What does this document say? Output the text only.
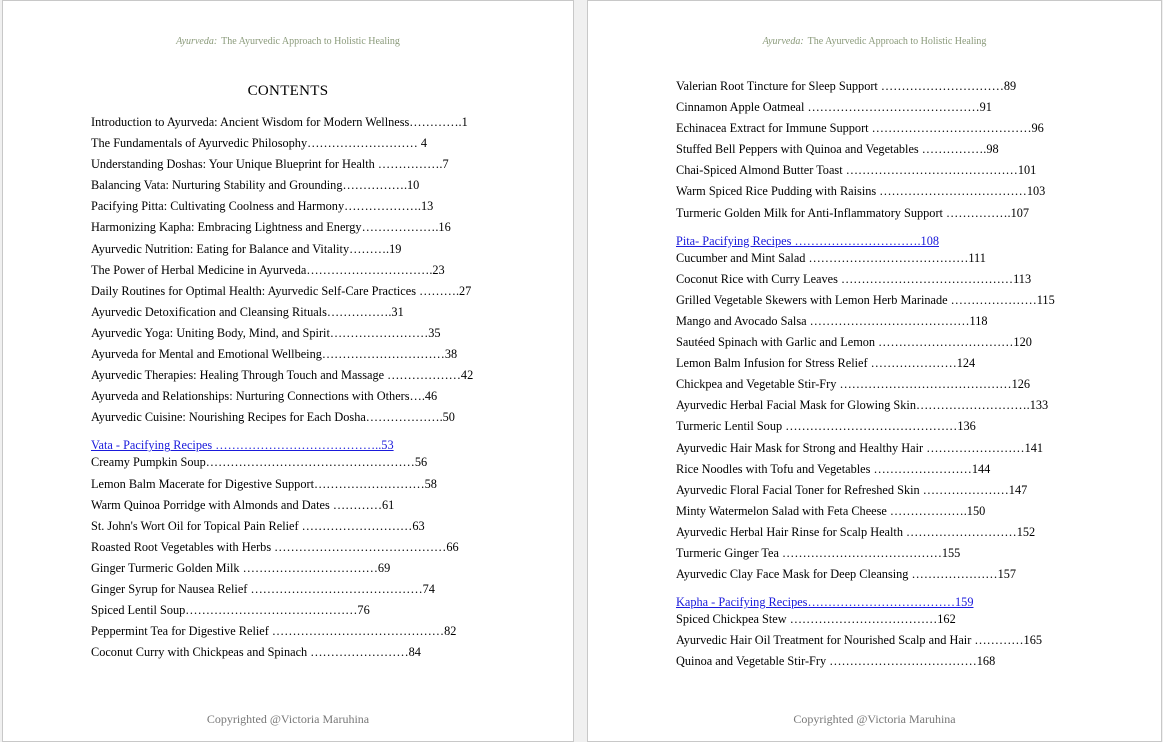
Ayurveda: The Ayurvedic Approach to Holistic Healing
CONTENTS
Introduction to Ayurveda: Ancient Wisdom for Modern Wellness………….1
The Fundamentals of Ayurvedic Philosophy……………………… 4
Understanding Doshas: Your Unique Blueprint for Health …………….7
Balancing Vata: Nurturing Stability and Grounding…………….10
Pacifying Pitta: Cultivating Coolness and Harmony……………….13
Harmonizing Kapha: Embracing Lightness and Energy……………….16
Ayurvedic Nutrition: Eating for Balance and Vitality……….19
The Power of Herbal Medicine in Ayurveda………………………….23
Daily Routines for Optimal Health: Ayurvedic Self-Care Practices ……….27
Ayurvedic Detoxification and Cleansing Rituals…………….31
Ayurvedic Yoga: Uniting Body, Mind, and Spirit……………………35
Ayurveda for Mental and Emotional Wellbeing…………………………38
Ayurvedic Therapies: Healing Through Touch and Massage ………………42
Ayurveda and Relationships: Nurturing Connections with Others….46
Ayurvedic Cuisine: Nourishing Recipes for Each Dosha……………….50
Vata - Pacifying Recipes …………………………………..53
Creamy Pumpkin Soup……………………………………………56
Lemon Balm Macerate for Digestive Support………………………58
Warm Quinoa Porridge with Almonds and Dates …………61
St. John's Wort Oil for Topical Pain Relief ………………………63
Roasted Root Vegetables with Herbs ……………………………………66
Ginger Turmeric Golden Milk ……………………………69
Ginger Syrup for Nausea Relief ……………………………………74
Spiced Lentil Soup……………………………………76
Peppermint Tea for Digestive Relief ……………………………………82
Coconut Curry with Chickpeas and Spinach ……………………84
Copyrighted @Victoria Maruhina
Ayurveda: The Ayurvedic Approach to Holistic Healing
Valerian Root Tincture for Sleep Support …………………………89
Cinnamon Apple Oatmeal ……………………………………91
Echinacea Extract for Immune Support …………………………………96
Stuffed Bell Peppers with Quinoa and Vegetables …………….98
Chai-Spiced Almond Butter Toast ……………………………………101
Warm Spiced Rice Pudding with Raisins ………………………………103
Turmeric Golden Milk for Anti-Inflammatory Support …………….107
Pita- Pacifying Recipes ………………………….108
Cucumber and Mint Salad …………………………………111
Coconut Rice with Curry Leaves ……………………………………113
Grilled Vegetable Skewers with Lemon Herb Marinade …………………115
Mango and Avocado Salsa …………………………………118
Sautéed Spinach with Garlic and Lemon ……………………………120
Lemon Balm Infusion for Stress Relief …………………124
Chickpea and Vegetable Stir-Fry ……………………………………126
Ayurvedic Herbal Facial Mask for Glowing Skin……………………….133
Turmeric Lentil Soup ……………………………………136
Ayurvedic Hair Mask for Strong and Healthy Hair ……………………141
Rice Noodles with Tofu and Vegetables ……………………144
Ayurvedic Floral Facial Toner for Refreshed Skin …………………147
Minty Watermelon Salad with Feta Cheese ……………….150
Ayurvedic Herbal Hair Rinse for Scalp Health ………………………152
Turmeric Ginger Tea …………………………………155
Ayurvedic Clay Face Mask for Deep Cleansing …………………157
Kapha - Pacifying Recipes………………………………159
Spiced Chickpea Stew ………………………………162
Ayurvedic Hair Oil Treatment for Nourished Scalp and Hair …………165
Quinoa and Vegetable Stir-Fry ………………………………168
Copyrighted @Victoria Maruhina
